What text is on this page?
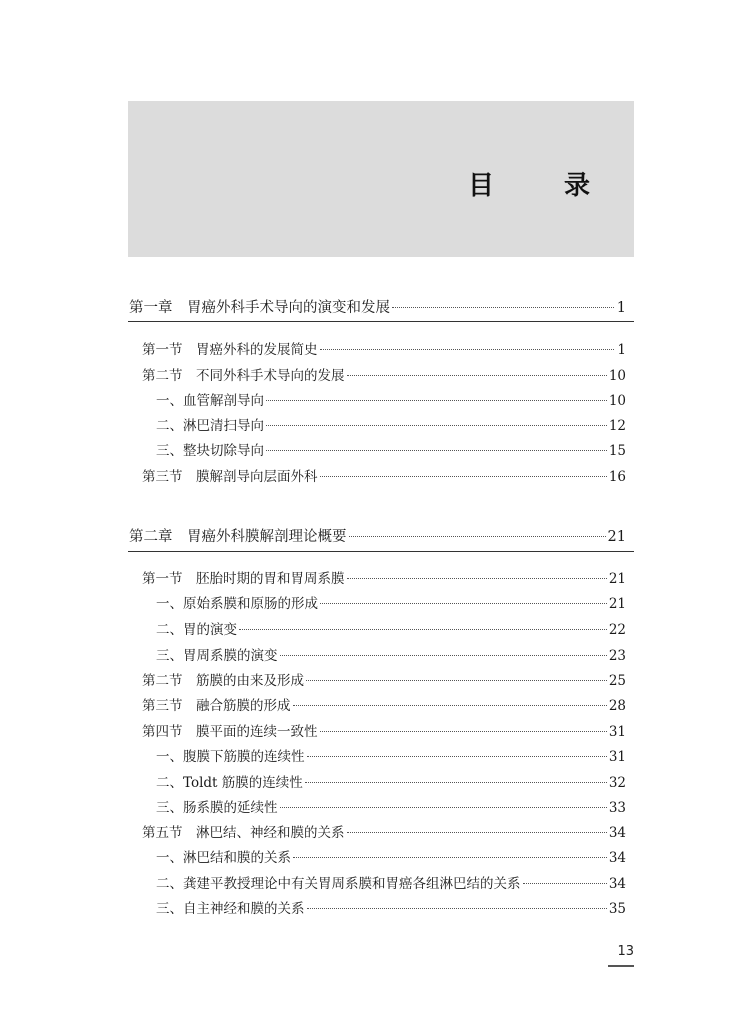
目　录
第一章　胃癌外科手术导向的演变和发展	1
第一节　胃癌外科的发展简史	1
第二节　不同外科手术导向的发展	10
一、血管解剖导向	10
二、淋巴清扫导向	12
三、整块切除导向	15
第三节　膜解剖导向层面外科	16
第二章　胃癌外科膜解剖理论概要	21
第一节　胚胎时期的胃和胃周系膜	21
一、原始系膜和原肠的形成	21
二、胃的演变	22
三、胃周系膜的演变	23
第二节　筋膜的由来及形成	25
第三节　融合筋膜的形成	28
第四节　膜平面的连续一致性	31
一、腹膜下筋膜的连续性	31
二、Toldt 筋膜的连续性	32
三、肠系膜的延续性	33
第五节　淋巴结、神经和膜的关系	34
一、淋巴结和膜的关系	34
二、龚建平教授理论中有关胃周系膜和胃癌各组淋巴结的关系	34
三、自主神经和膜的关系	35
13
